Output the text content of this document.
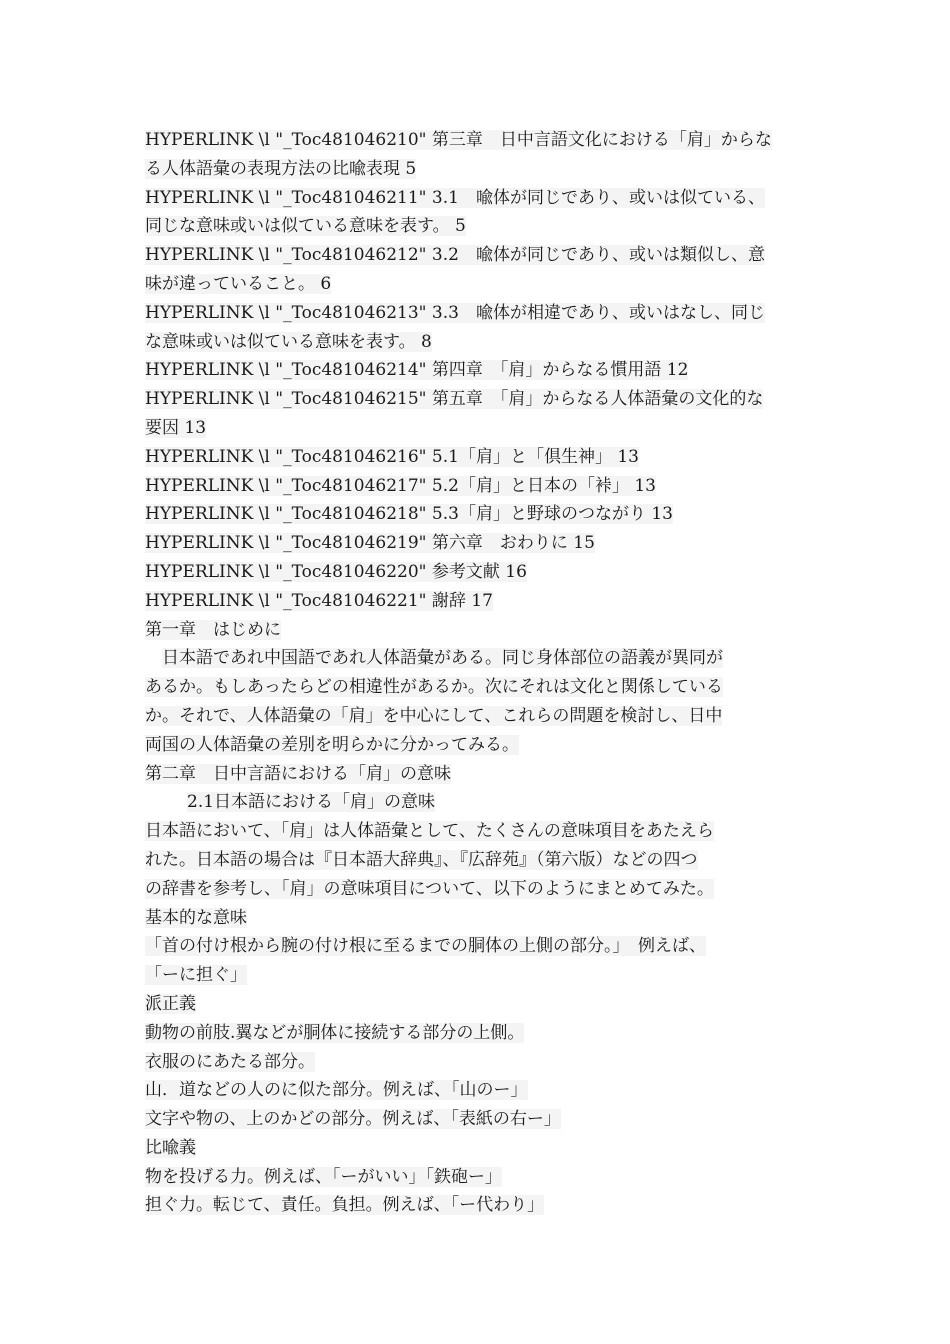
HYPERLINK \l "_Toc481046210" 第三章　日中言語文化における「肩」からな
る人体語彙の表現方法の比喩表現 5
HYPERLINK \l "_Toc481046211" 3.1　喩体が同じであり、或いは似ている、
同じな意味或いは似ている意味を表す。 5
HYPERLINK \l "_Toc481046212" 3.2　喩体が同じであり、或いは類似し、意
味が違っていること。 6
HYPERLINK \l "_Toc481046213" 3.3　喩体が相違であり、或いはなし、同じ
な意味或いは似ている意味を表す。 8
HYPERLINK \l "_Toc481046214" 第四章　「肩」からなる慣用語 12
HYPERLINK \l "_Toc481046215" 第五章　「肩」からなる人体語彙の文化的な
要因 13
HYPERLINK \l "_Toc481046216" 5.1「肩」と「倶生神」 13
HYPERLINK \l "_Toc481046217" 5.2「肩」と日本の「裃」 13
HYPERLINK \l "_Toc481046218" 5.3「肩」と野球のつながり 13
HYPERLINK \l "_Toc481046219" 第六章　おわりに 15
HYPERLINK \l "_Toc481046220" 参考文献 16
HYPERLINK \l "_Toc481046221" 謝辞 17
第一章　はじめに
日本語であれ中国語であれ人体語彙がある。同じ身体部位の語義が異同が
あるか。もしあったらどの相違性があるか。次にそれは文化と関係している
か。それで、人体語彙の「肩」を中心にして、これらの問題を検討し、日中
両国の人体語彙の差別を明らかに分かってみる。
第二章　日中言語における「肩」の意味
2.1日本語における「肩」の意味
日本語において、「肩」は人体語彙として、たくさんの意味項目をあたえら
れた。日本語の場合は『日本語大辞典』、『広辞苑』（第六版）などの四つ
の辞書を参考し、「肩」の意味項目について、以下のようにまとめてみた。
基本的な意味
「首の付け根から腕の付け根に至るまでの胴体の上側の部分。」　例えば、
「ーに担ぐ」
派正義
動物の前肢.翼などが胴体に接続する部分の上側。
衣服のにあたる部分。
山．道などの人のに似た部分。例えば、「山のー」
文字や物の、上のかどの部分。例えば、「表紙の右ー」
比喩義
物を投げる力。例えば、「ーがいい」「鉄砲ー」
担ぐ力。転じて、責任。負担。例えば、「ー代わり」
